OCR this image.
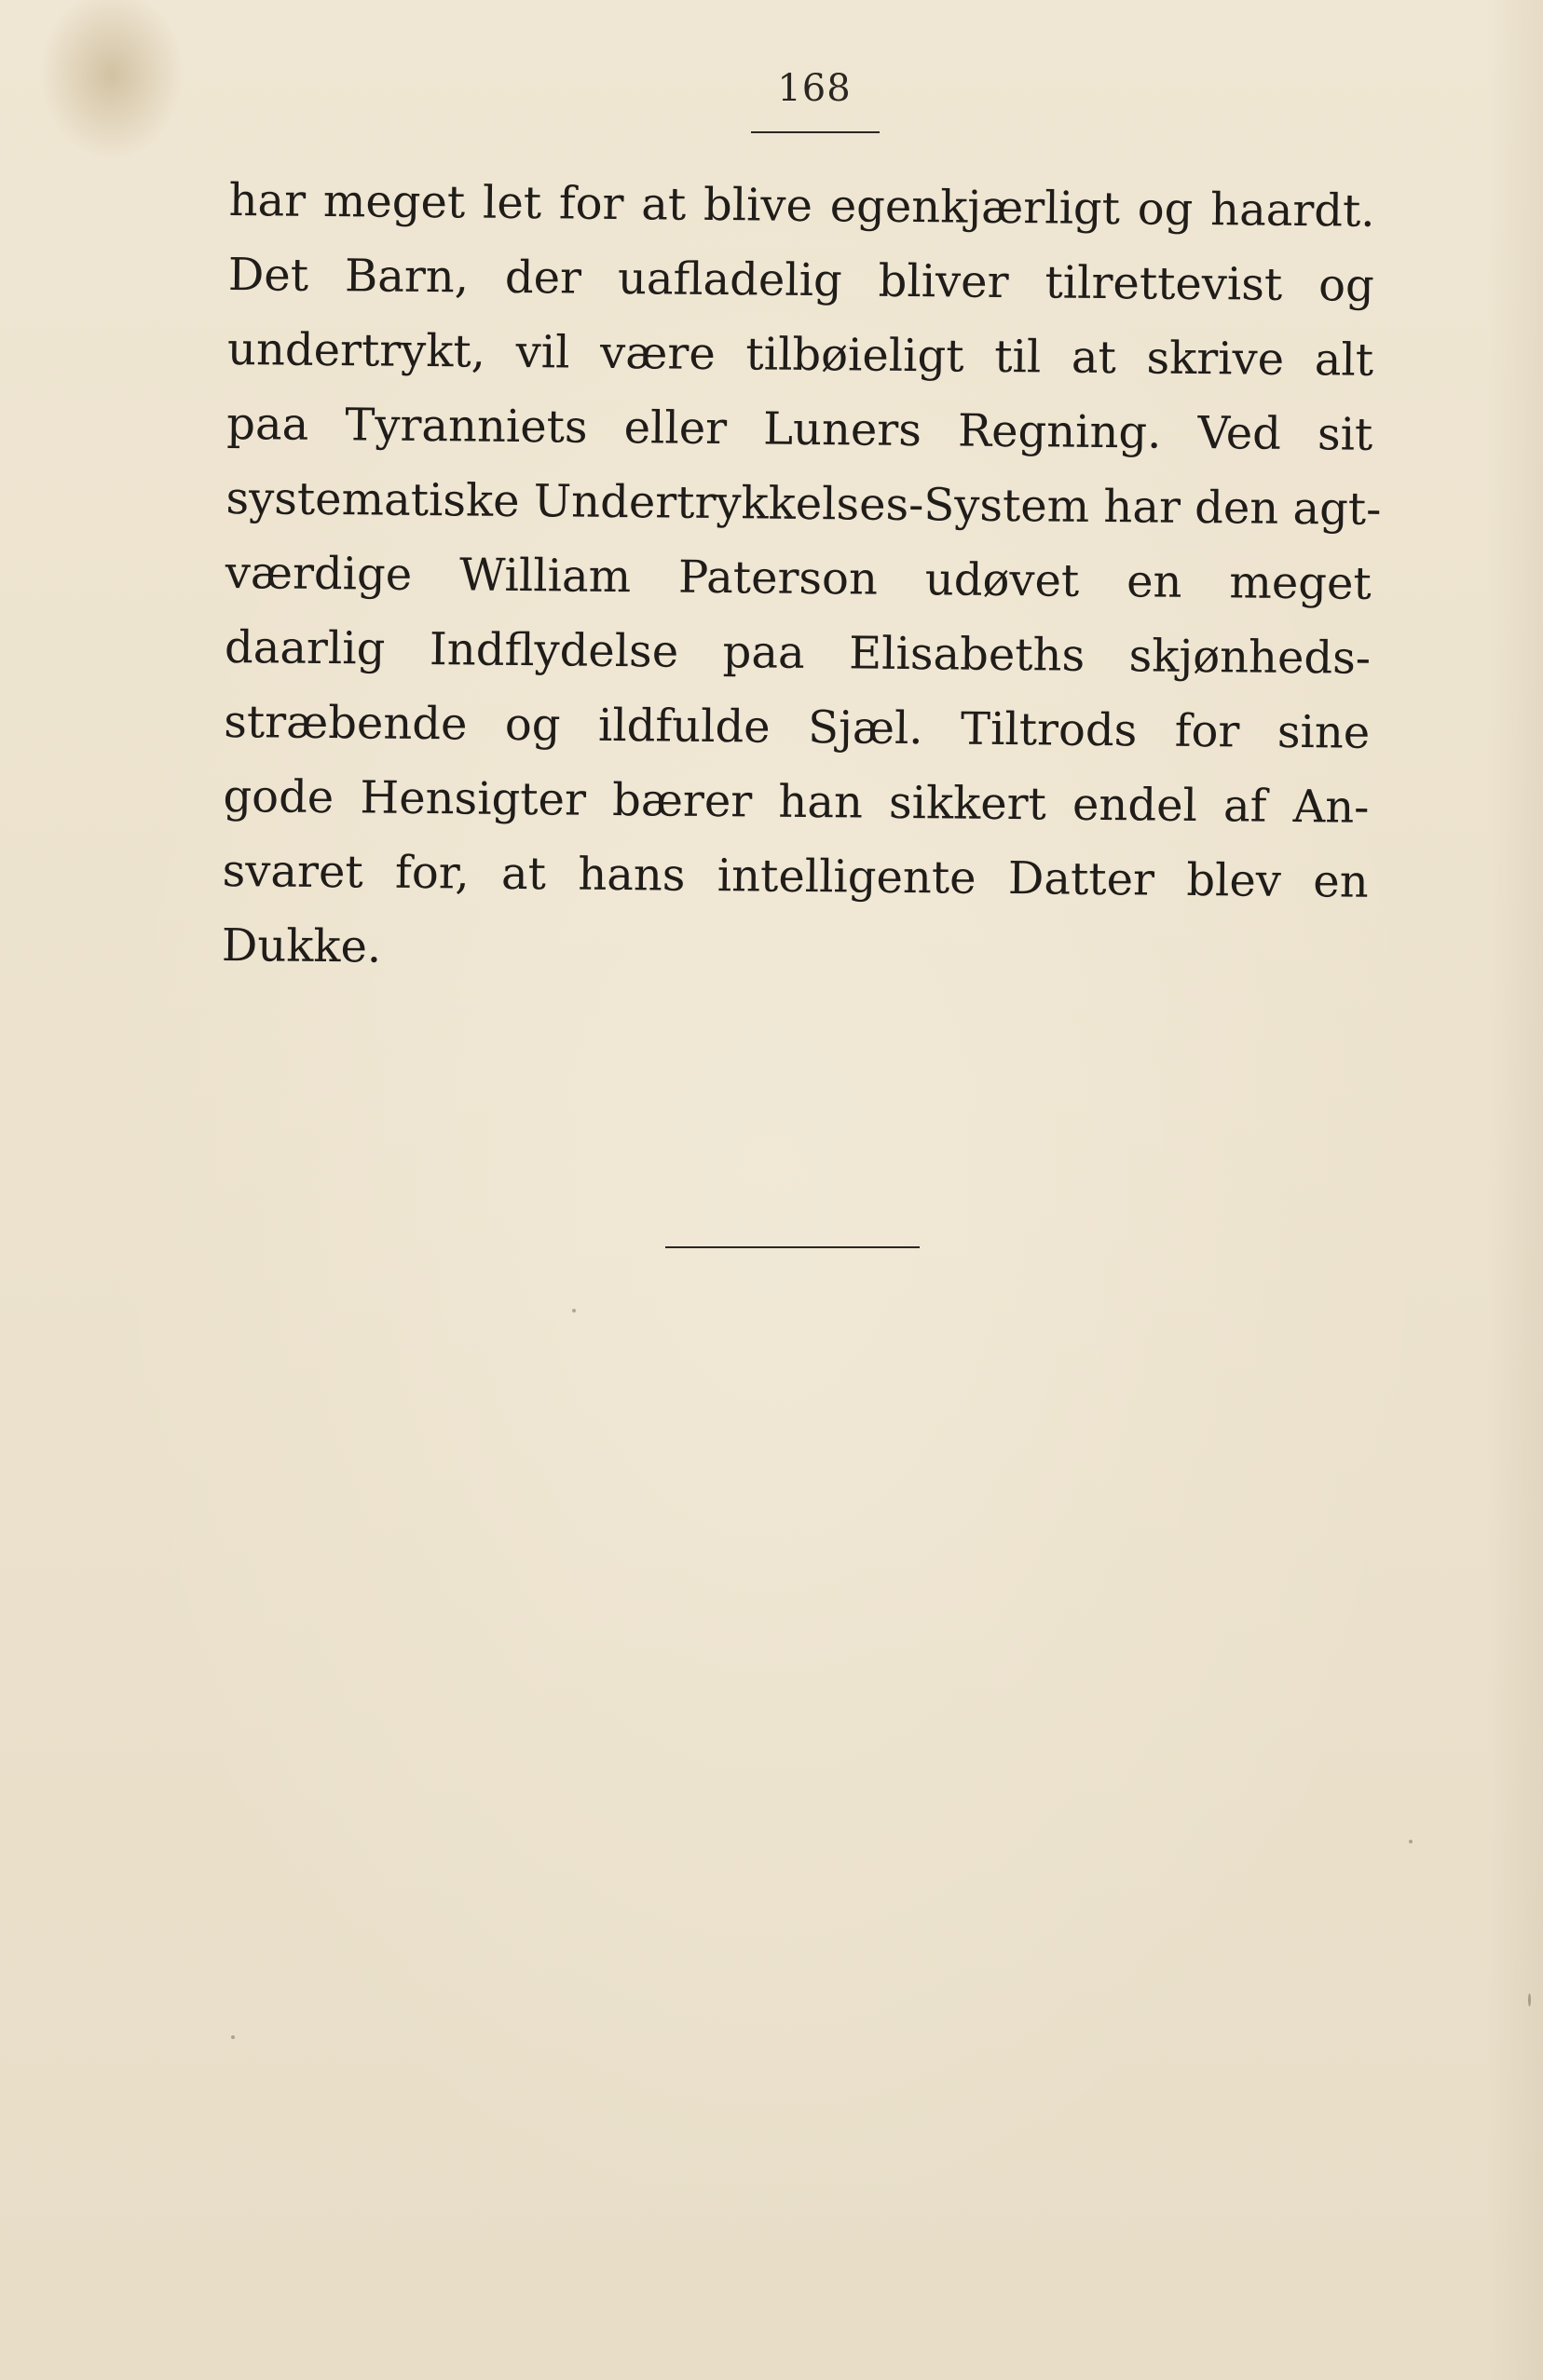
168
har meget let for at blive egenkjærligt og haardt.
Det Barn, der uafladelig bliver tilrettevist og
undertrykt, vil være tilbøieligt til at skrive alt
paa Tyranniets eller Luners Regning. Ved sit
systematiske Undertrykkelses-System har den agt-
værdige William Paterson udøvet en meget
daarlig Indflydelse paa Elisabeths skjønheds-
stræbende og ildfulde Sjæl. Tiltrods for sine
gode Hensigter bærer han sikkert endel af An-
svaret for, at hans intelligente Datter blev en
Dukke.
